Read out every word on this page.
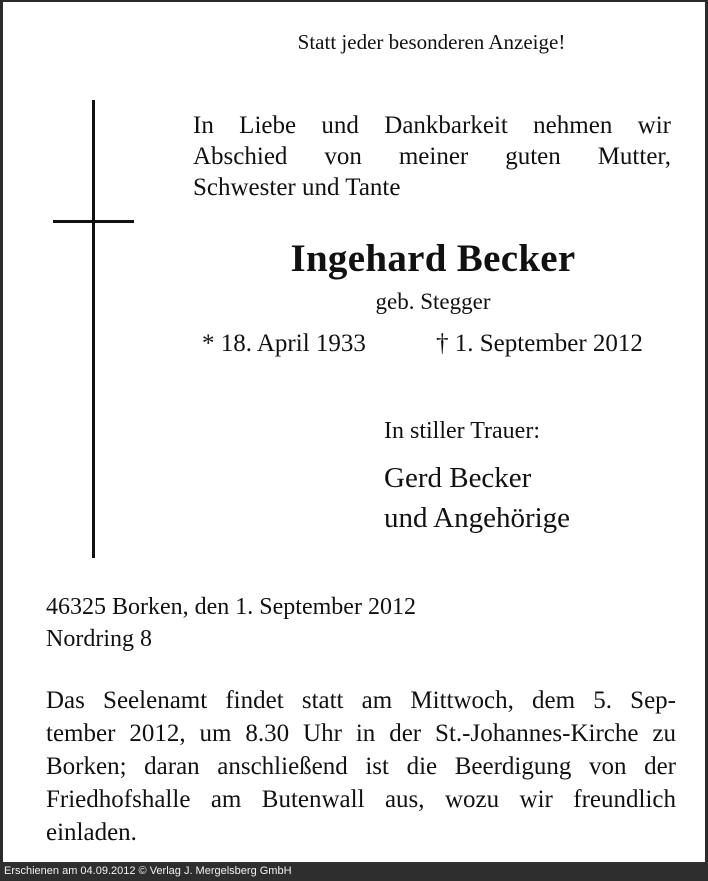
Statt jeder besonderen Anzeige!
In Liebe und Dankbarkeit nehmen wir
Abschied von meiner guten Mutter,
Schwester und Tante
Ingehard Becker
geb. Stegger
* 18. April 1933	† 1. September 2012
In stiller Trauer:
Gerd Becker
und Angehörige
46325 Borken, den 1. September 2012
Nordring 8
Das Seelenamt findet statt am Mittwoch, dem 5. Sep-
tember 2012, um 8.30 Uhr in der St.-Johannes-Kirche zu
Borken; daran anschließend ist die Beerdigung von der
Friedhofshalle am Butenwall aus, wozu wir freundlich
einladen.
Erschienen am 04.09.2012 © Verlag J. Mergelsberg GmbH
